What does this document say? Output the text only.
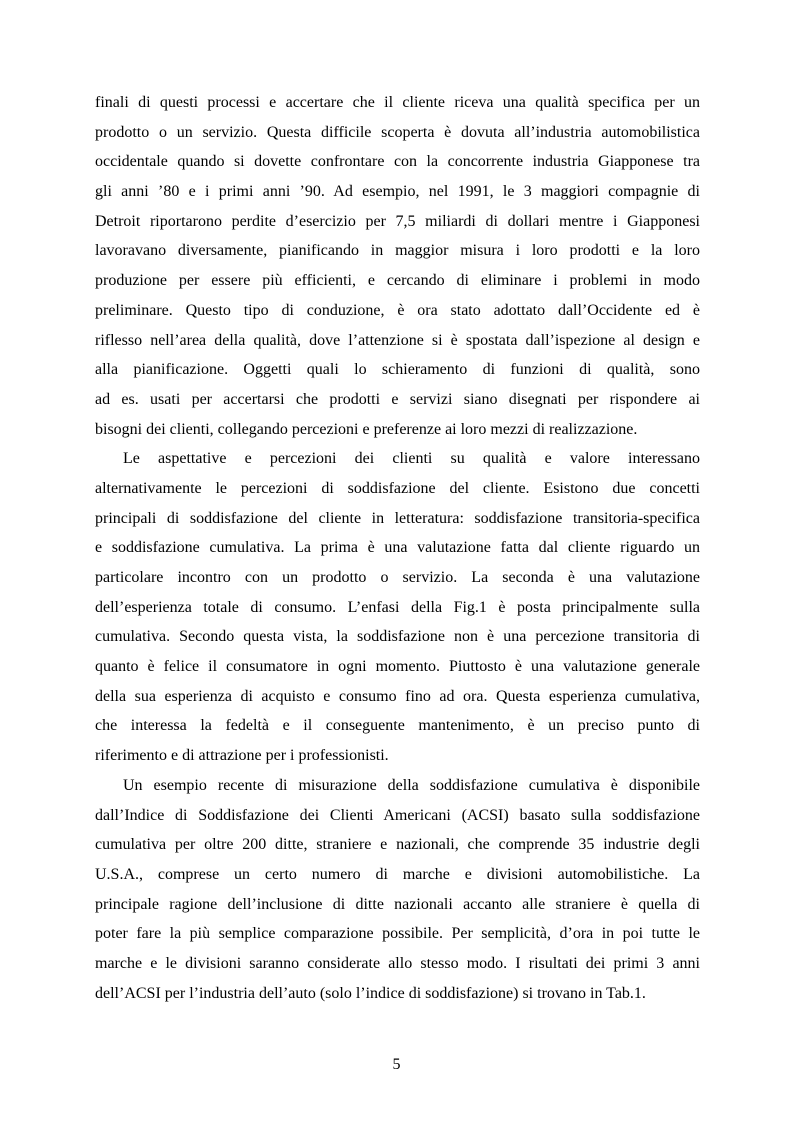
finali di questi processi e accertare che il cliente riceva una qualità specifica per un
prodotto o un servizio. Questa difficile scoperta è dovuta all’industria automobilistica
occidentale quando si dovette confrontare con la concorrente industria Giapponese tra
gli anni ’80 e i primi anni ’90. Ad esempio, nel 1991, le 3 maggiori compagnie di
Detroit riportarono perdite d’esercizio per 7,5 miliardi di dollari mentre i Giapponesi
lavoravano diversamente, pianificando in maggior misura i loro prodotti e la loro
produzione per essere più efficienti, e cercando di eliminare i problemi in modo
preliminare. Questo tipo di conduzione, è ora stato adottato dall’Occidente ed è
riflesso nell’area della qualità, dove l’attenzione si è spostata dall’ispezione al design e
alla pianificazione. Oggetti quali lo schieramento di funzioni di qualità, sono
ad es. usati per accertarsi che prodotti e servizi siano disegnati per rispondere ai
bisogni dei clienti, collegando percezioni e preferenze ai loro mezzi di realizzazione.
Le aspettative e percezioni dei clienti su qualità e valore interessano
alternativamente le percezioni di soddisfazione del cliente. Esistono due concetti
principali di soddisfazione del cliente in letteratura: soddisfazione transitoria-specifica
e soddisfazione cumulativa. La prima è una valutazione fatta dal cliente riguardo un
particolare incontro con un prodotto o servizio. La seconda è una valutazione
dell’esperienza totale di consumo. L’enfasi della Fig.1 è posta principalmente sulla
cumulativa. Secondo questa vista, la soddisfazione non è una percezione transitoria di
quanto è felice il consumatore in ogni momento. Piuttosto è una valutazione generale
della sua esperienza di acquisto e consumo fino ad ora. Questa esperienza cumulativa,
che interessa la fedeltà e il conseguente mantenimento, è un preciso punto di
riferimento e di attrazione per i professionisti.
Un esempio recente di misurazione della soddisfazione cumulativa è disponibile
dall’Indice di Soddisfazione dei Clienti Americani (ACSI) basato sulla soddisfazione
cumulativa per oltre 200 ditte, straniere e nazionali, che comprende 35 industrie degli
U.S.A., comprese un certo numero di marche e divisioni automobilistiche. La
principale ragione dell’inclusione di ditte nazionali accanto alle straniere è quella di
poter fare la più semplice comparazione possibile. Per semplicità, d’ora in poi tutte le
marche e le divisioni saranno considerate allo stesso modo. I risultati dei primi 3 anni
dell’ACSI per l’industria dell’auto (solo l’indice di soddisfazione) si trovano in Tab.1.
5
